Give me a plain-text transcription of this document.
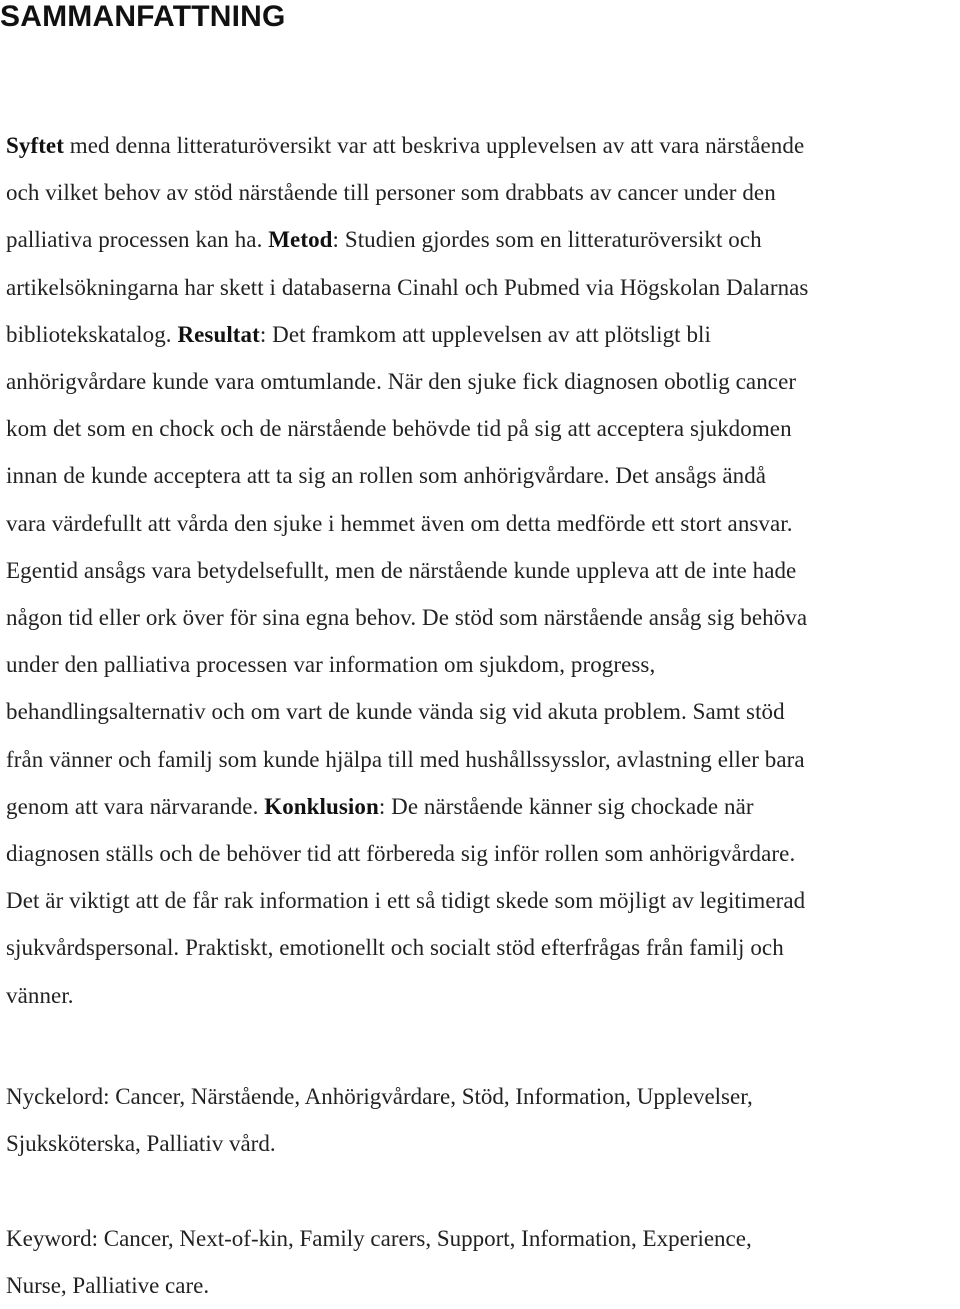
SAMMANFATTNING
Syftet med denna litteraturöversikt var att beskriva upplevelsen av att vara närstående
och vilket behov av stöd närstående till personer som drabbats av cancer under den
palliativa processen kan ha. Metod: Studien gjordes som en litteraturöversikt och
artikelsökningarna har skett i databaserna Cinahl och Pubmed via Högskolan Dalarnas
bibliotekskatalog. Resultat: Det framkom att upplevelsen av att plötsligt bli
anhörigvårdare kunde vara omtumlande. När den sjuke fick diagnosen obotlig cancer
kom det som en chock och de närstående behövde tid på sig att acceptera sjukdomen
innan de kunde acceptera att ta sig an rollen som anhörigvårdare. Det ansågs ändå
vara värdefullt att vårda den sjuke i hemmet även om detta medförde ett stort ansvar.
Egentid ansågs vara betydelsefullt, men de närstående kunde uppleva att de inte hade
någon tid eller ork över för sina egna behov. De stöd som närstående ansåg sig behöva
under den palliativa processen var information om sjukdom, progress,
behandlingsalternativ och om vart de kunde vända sig vid akuta problem. Samt stöd
från vänner och familj som kunde hjälpa till med hushållssysslor, avlastning eller bara
genom att vara närvarande. Konklusion: De närstående känner sig chockade när
diagnosen ställs och de behöver tid att förbereda sig inför rollen som anhörigvårdare.
Det är viktigt att de får rak information i ett så tidigt skede som möjligt av legitimerad
sjukvårdspersonal. Praktiskt, emotionellt och socialt stöd efterfrågas från familj och
vänner.
Nyckelord: Cancer, Närstående, Anhörigvårdare, Stöd, Information, Upplevelser,
Sjuksköterska, Palliativ vård.
Keyword: Cancer, Next-of-kin, Family carers, Support, Information, Experience,
Nurse, Palliative care.
